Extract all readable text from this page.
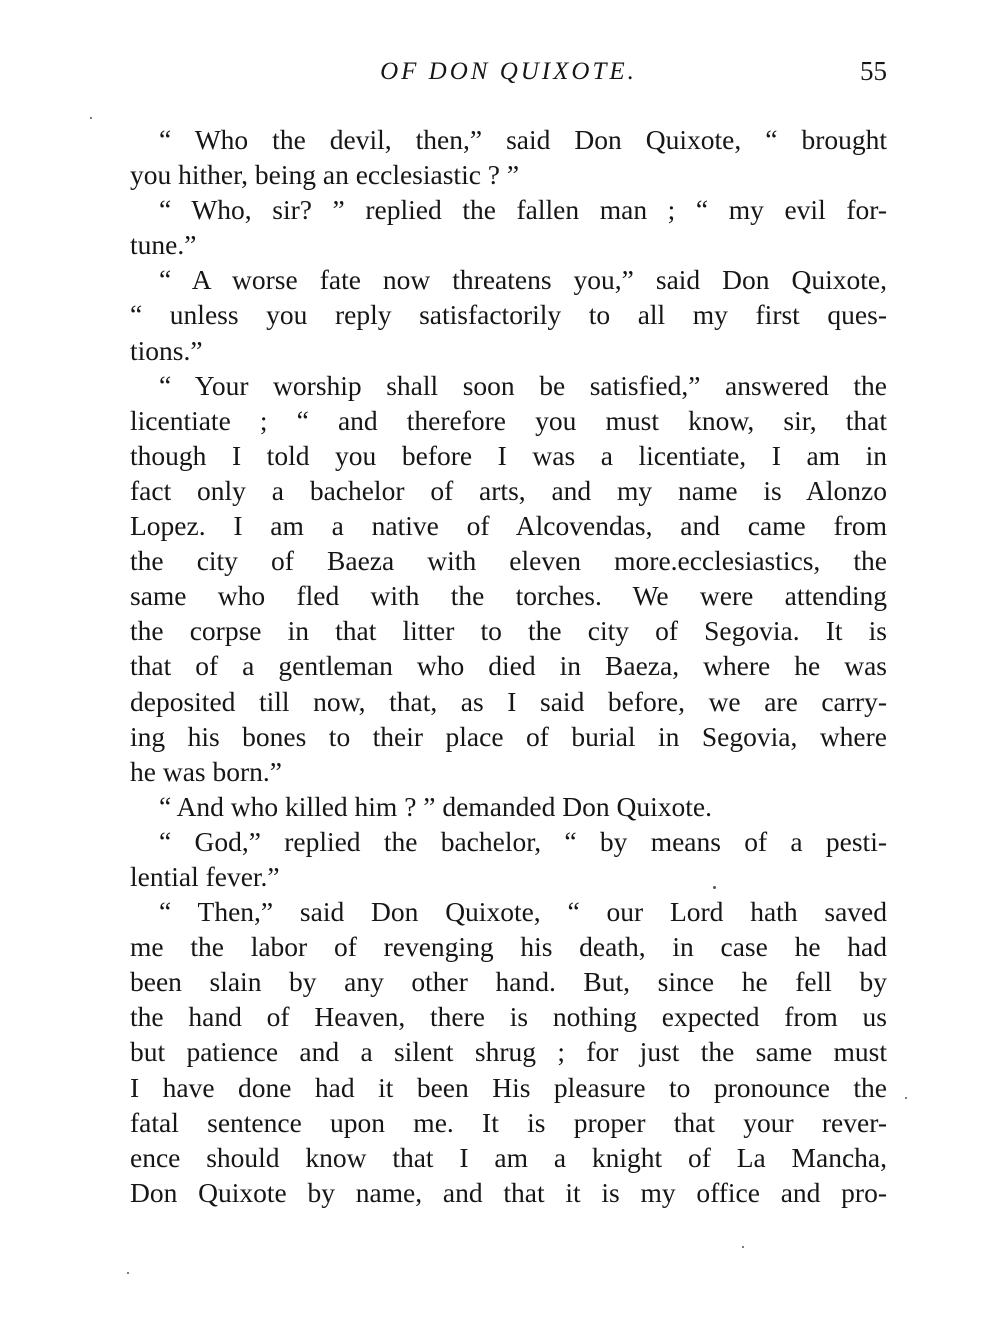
OF DON QUIXOTE.	55
“ Who the devil, then,” said Don Quixote, “ brought
you hither, being an ecclesiastic ? ”
“ Who, sir? ” replied the fallen man ; “ my evil for-
tune.”
“ A worse fate now threatens you,” said Don Quixote,
“ unless you reply satisfactorily to all my first ques-
tions.”
“ Your worship shall soon be satisfied,” answered the
licentiate ; “ and therefore you must know, sir, that
though I told you before I was a licentiate, I am in
fact only a bachelor of arts, and my name is Alonzo
Lopez. I am a native of Alcovendas, and came from
the city of Baeza with eleven more.ecclesiastics, the
same who fled with the torches. We were attending
the corpse in that litter to the city of Segovia. It is
that of a gentleman who died in Baeza, where he was
deposited till now, that, as I said before, we are carry-
ing his bones to their place of burial in Segovia, where
he was born.”
“ And who killed him ? ” demanded Don Quixote.
“ God,” replied the bachelor, “ by means of a pesti-
lential fever.”
“ Then,” said Don Quixote, “ our Lord hath saved
me the labor of revenging his death, in case he had
been slain by any other hand. But, since he fell by
the hand of Heaven, there is nothing expected from us
but patience and a silent shrug ; for just the same must
I have done had it been His pleasure to pronounce the
fatal sentence upon me. It is proper that your rever-
ence should know that I am a knight of La Mancha,
Don Quixote by name, and that it is my office and pro-
